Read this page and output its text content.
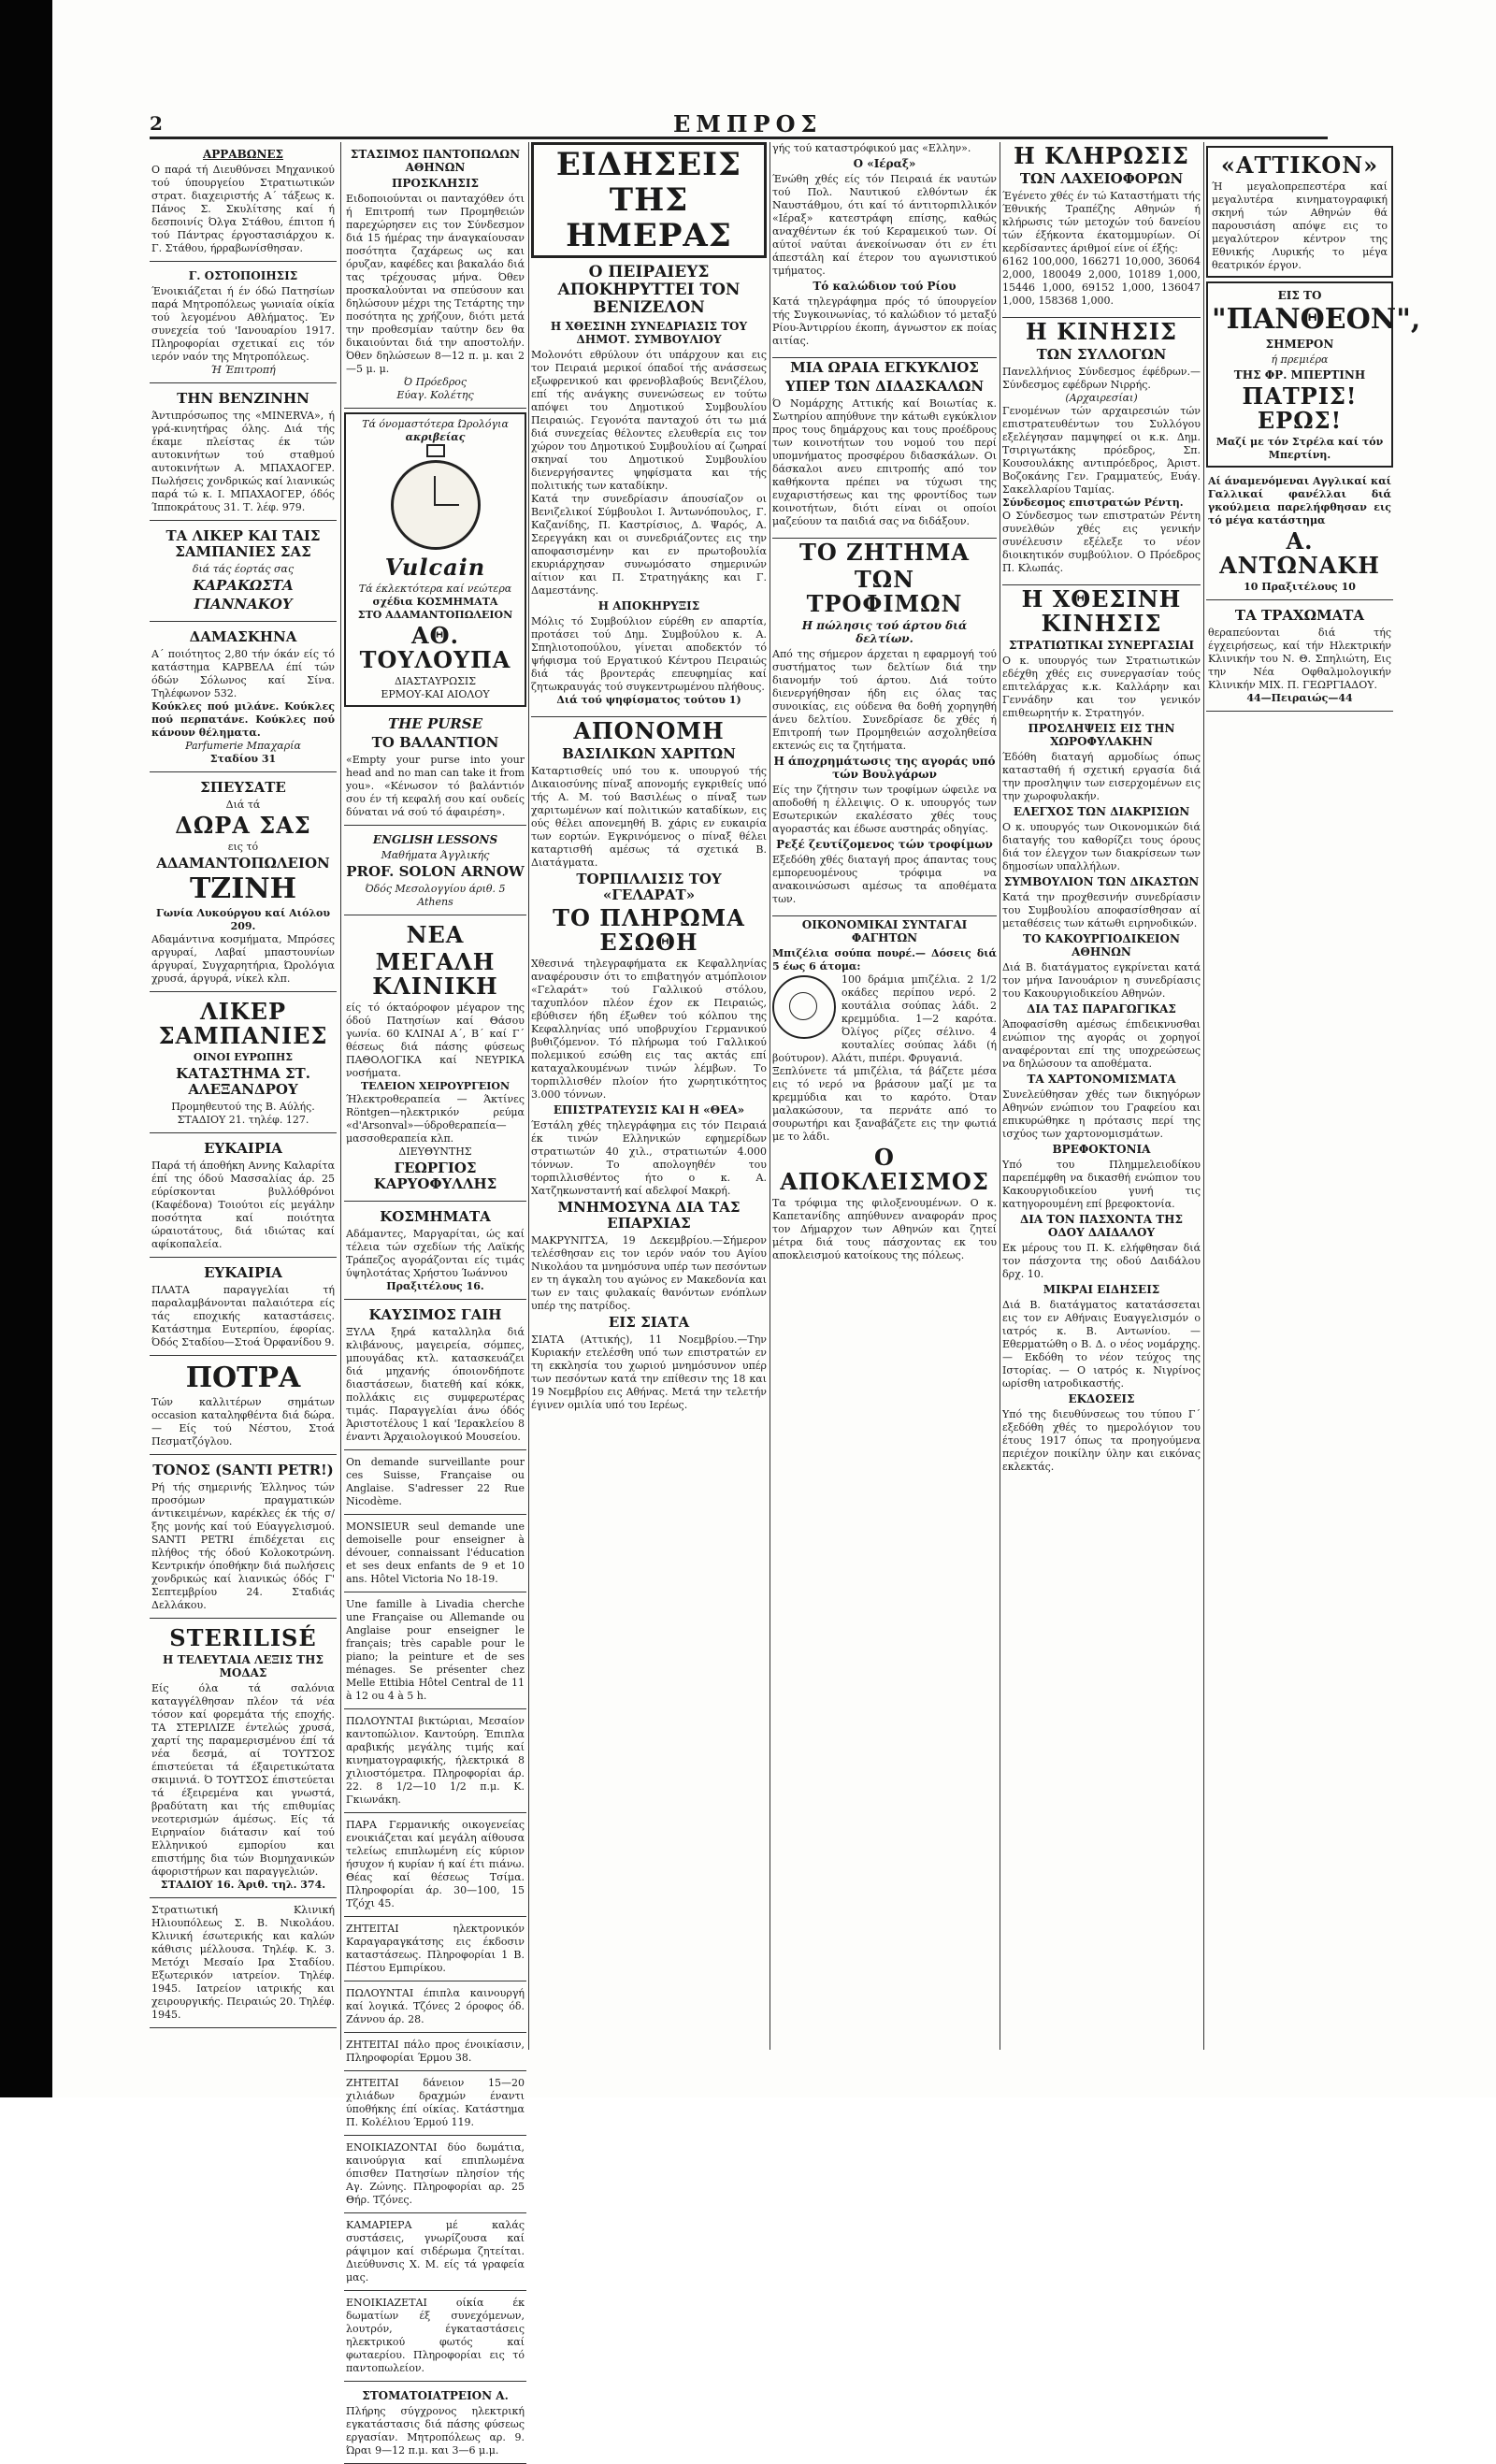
2	ΕΜΠΡΟΣ
ΑΡΡΑΒΩΝΕΣ

Ο παρά τή Διευθύνσει Μηχανικού τού ύπουργείου Στρατιωτικών στρατ. διαχειριστής Α΄ τάξεως κ. Πάνος Σ. Σκυλίτσης καί ή δεσποινίς Όλγα Στάθου, έπιτοπ ή τού Πάντρας έργοστασιάρχου κ. Γ. Στάθου, ήρραβωνίσθησαν.

Γ. ΟΣΤΟΠΟΙΗΣΙΣ

Ένοικιάζεται ή έν όδώ Πατησίων παρά Μητροπόλεως γωνιαία οίκία τού λεγομένου Αθλήματος. Έν συνεχεία τού 'Ιανουαρίου 1917. Πληροφορίαι σχετικαί εις τόν ιερόν ναόν της Μητροπόλεως.

Ή Έπιτροπή

ΤΗΝ ΒΕΝΖΙΝΗΝ

Άντιπρόσωπος της «MINERVA», ή γρά-κινητήρας όλης. Διά τής έκαμε πλείστας έκ τών αυτοκινήτων τού σταθμού αυτοκινήτων Α. ΜΠΑΧΑΟΓΕΡ. Πωλήσεις χονδρικώς καί λιανικώς παρά τώ κ. Ι. ΜΠΑΧΑΟΓΕΡ, όδός Ίπποκράτους 31. Τ. λέφ. 979.

ΤΑ ΛΙΚΕΡ ΚΑΙ ΤΑΙΣ ΣΑΜΠΑΝΙΕΣ ΣΑΣ

διά τάς έορτάς σας

ΚΑΡΑΚΩΣΤΑ
ΓΙΑΝΝΑΚΟΥ
ΔΑΜΑΣΚΗΝΑ

Α΄ ποιότητος 2,80 τήν όκάν είς τό κατάστημα ΚΑΡΒΕΛΑ έπί τών όδών Σόλωνος καί Σίνα. Τηλέφωνον 532.

Κούκλες πού μιλάνε. Κούκλες πού περπατάνε. Κούκλες πού κάνουν θέληματα.

Parfumerie Μπαχαρία

Σταδίου 31

ΣΠΕΥΣΑΤΕ

Διά τά

ΔΩΡΑ ΣΑΣ

εις τό

ΑΔΑΜΑΝΤΟΠΩΛΕΙΟΝ
ΤΖΙΝΗ

Γωνία Λυκούργου καί Αιόλου 209.

Αδαμάντινα κοσμήματα, Μπρόσες αργυραί, Λαβαί μπαστουνίων άργυραί, Συγχαρητήρια, Ώρολόγια χρυσά, άργυρά, νίκελ κλπ.

ΛΙΚΕΡ ΣΑΜΠΑΝΙΕΣ

ΟΙΝΟΙ ΕΥΡΩΠΗΣ

ΚΑΤΑΣΤΗΜΑ ΣΤ. ΑΛΕΞΑΝΔΡΟΥ

Προμηθευτού της Β. Αύλής. ΣΤΑΔΙΟΥ 21. τηλέφ. 127.

ΕΥΚΑΙΡΙΑ

Παρά τή άποθήκη Αννης Καλαρίτα έπί της όδού Μασσαλίας άρ. 25 εύρίσκονται βυλλόθρόνοι (Καφέδονα) Τοιούτοι είς μεγάλην ποσότητα καί ποιότητα ώραιοτάτους, διά ιδιώτας καί αφίκοπαλεία.

ΕΥΚΑΙΡΙΑ

ΠΛΑΤΑ παραγγελίαι τή παραλαμβάνονται παλαιότερα είς τάς εποχικής καταστάσεις. Κατάστημα Ευτερπίου, έφορίας. Όδός Σταδίου—Στοά Όρφανίδου 9.

ΠΟΤΡΑ

Τών καλλιτέρων σημάτων occasion καταληφθέντα διά δώρα.— Είς τού Νέστου, Στοά Πεσματζόγλου.

ΤΟΝΟΣ (SANTI PETR!)

Ρή τής σημερινής Έλληνος τών προσόμων πραγματικών άντικειμένων, καρέκλες έκ τής σ/ξης μονής καί τού Εύαγγελισμού. SANTI PETRI έπιδέχεται εις πλήθος τής όδού Κολοκοτρώνη. Κεντρικήν όποθήκην διά πωλήσεις χονδρικώς καί λιανικώς όδός Γ' Σεπτεμβρίου 24. Σταδιάς Δελλάκου.

STERILISÉ
Η ΤΕΛΕΥΤΑΙΑ ΛΕΞΙΣ ΤΗΣ ΜΟΔΑΣ

Είς όλα τά σαλόνια καταγγέλθησαν πλέον τά νέα τόσον καί φορεμάτα τής εποχής. ΤΑ ΣΤΕΡΙΛΙΖΕ έντελώς χρυσά, χαρτί της παραμερισμένου έπί τά νέα δεσμά, αί ΤΟΥΤΣΟΣ έπιστεύεται τά έξαιρετικώτατα σκιμινιά. Ό ΤΟΥΤΣΟΣ έπιστεύεται τά έξειρεμένα και γνωστά, βραδύτατη και τής επιθυμίας νεοτερισμών άμέσως. Είς τά Ειρηναίον διάτασιν καί τού Ελληνικού εμπορίου και επιστήμης δια τών Βιομηχανικών άφοριστήρων και παραγγελιών.

ΣΤΑΔΙΟΥ 16. Άριθ. τηλ. 374.

Στρατιωτική Κλινική Ηλιουπόλεως Σ. Β. Νικολάου. Κλινική έσωτερικής και καλών κάθισις μέλλουσα. Τηλέφ. Κ. 3. Μετόχι Μεσαίο Ιρα Σταδίου. Εξωτερικόν ιατρείον. Τηλέφ. 1945. Ιατρείον ιατρικής και χειρουργικής. Πειραιώς 20. Τηλέφ. 1945.

ΣΤΑΣΙΜΟΣ ΠΑΝΤΟΠΩΛΩΝ ΑΘΗΝΩΝ
ΠΡΟΣΚΛΗΣΙΣ

Ειδοποιούνται οι πανταχόθεν ότι ή Επιτροπή των Προμηθειών παρεχώρησεν εις τον Σύνδεσμον διά 15 ήμέρας την άναγκαίουσαν ποσότητα ζαχάρεως ως και όρυζαν, καφέδες και βακαλάο διά τας τρέχουσας μήνα. Όθεν προσκαλούνται να σπεύσουν και δηλώσουν μέχρι της Τετάρτης την ποσότητα ης χρήζουν, διότι μετά την προθεσμίαν ταύτην δεν θα δικαιούνται διά την αποστολήν. Όθεν δηλώσεων 8—12 π. μ. και 2—5 μ. μ.

Ό Πρόεδρος

Εύαγ. Κολέτης

Τά όνομαστότερα Ώρολόγια

ακριβείας

Vulcain

Τά έκλεκτότερα καί νεώτερα

σχέδια ΚΟΣΜΗΜΑΤΑ

ΣΤΟ ΑΔΑΜΑΝΤΟΠΩΛΕΙΟΝ

ΑΘ. ΤΟΥΛΟΥΠΑ

ΔΙΑΣΤΑΥΡΩΣΙΣ

ΕΡΜΟΥ-ΚΑΙ ΑΙΟΛΟΥ

THE PURSE
ΤΟ ΒΑΛΑΝΤΙΟΝ

«Empty your purse into your head and no man can take it from you». «Κένωσον τό βαλάντιόν σου έν τή κεφαλή σου καί ουδείς δύναται νά σού τό άφαιρέση».

ENGLISH LESSONS

Μαθήματα Άγγλικής

PROF. SOLON ARNOW

Όδός Μεσολογγίου άριθ. 5 Athens

ΝΕΑ
ΜΕΓΑΛΗ ΚΛΙΝΙΚΗ

είς τό όκταόροφον μέγαρον της όδού Πατησίων καί Θάσου γωνία. 60 ΚΛΙΝΑΙ Α΄, Β΄ καί Γ΄ θέσεως διά πάσης φύσεως ΠΑΘΟΛΟΓΙΚΑ καί ΝΕΥΡΙΚΑ νοσήματα.

ΤΕΛΕΙΟΝ ΧΕΙΡΟΥΡΓΕΙΟΝ

Ήλεκτροθεραπεία — Άκτίνες Röntgen—ηλεκτρικόν ρεύμα «d'Arsonval»—ύδροθεραπεία—μασσοθεραπεία κλπ.

ΔΙΕΥΘΥΝΤΗΣ

ΓΕΩΡΓΙΟΣ ΚΑΡΥΟΦΥΛΛΗΣ
ΚΟΣΜΗΜΑΤΑ

Αδάμαντες, Μαργαρίται, ώς καί τέλεια τών σχεδίων τής Λαϊκής Τράπεζος αγοράζονται είς τιμάς ύψηλοτάτας Χρήστου Ίωάννου

Πραξιτέλους 16.

ΚΑΥΣΙΜΟΣ ΓΑΙΗ

ΞΥΛΑ ξηρά καταλληλα διά κλιβάνους, μαγειρεία, σόμπες, μπουγάδας κτλ. κατασκευάζει διά μηχανής όποιονδήποτε διαστάσεων, διατεθή καί κόκκ, πολλάκις εις συμφερωτέρας τιμάς. Παραγγελίαι άνω όδός Άριστοτέλους 1 καί 'Ιερακλείου 8 έναντι Άρχαιολογικού Μουσείου.

On demande surveillante pour ces Suisse, Française ou Anglaise. S'adresser 22 Rue Nicodème.

MONSIEUR seul demande une demoiselle pour enseigner à dévouer, connaissant l'éducation et ses deux enfants de 9 et 10 ans. Hôtel Victoria No 18-19.

Une famille à Livadia cherche une Française ou Allemande ou Anglaise pour enseigner le français; très capable pour le piano; la peinture et de ses ménages. Se présenter chez Melle Ettibia Hôtel Central de 11 à 12 ou 4 à 5 h.

ΠΩΛΟΥΝΤΑΙ βικτώριαι, Μεσαίον καντοπώλιον. Καντούρη. Έπιπλα αραβικής μεγάλης τιμής καί κινηματογραφικής, ήλεκτρικά 8 χιλιοστόμετρα. Πληροφορίαι άρ. 22. 8 1/2—10 1/2 π.μ. Κ. Γκιωνάκη.

ΠΑΡΑ Γερμανικής οικογενείας ενοικιάζεται καί μεγάλη αίθουσα τελείως επιπλωμένη είς κύριον ήσυχον ή κυρίαν ή καί έτι πιάνω. Θέας καί θέσεως Τσίμα. Πληροφορίαι άρ. 30—100, 15 Τζόχι 45.

ΖΗΤΕΙΤΑΙ ηλεκτρονικόν Καραγαραγκάτσης εις έκδοσιν καταστάσεως. Πληροφορίαι 1 Β. Πέστου Εμπιρίκου.

ΠΩΛΟΥΝΤΑΙ έπιπλα καινουργή καί λογικά. Τζόνες 2 όροφος όδ. Ζάννου άρ. 28.

ΖΗΤΕΙΤΑΙ πάλο προς ένοικίασιν, Πληροφορίαι Έρμου 38.

ΖΗΤΕΙΤΑΙ δάνειον 15—20 χιλιάδων δραχμών έναντι ύποθήκης έπί οίκίας. Κατάστημα Π. Κολέλιου Έρμού 119.

ΕΝΟΙΚΙΑΖΟΝΤΑΙ δύο δωμάτια, καινούργια καί επιπλωμένα όπισθεν Πατησίων πλησίον τής Αγ. Ζώνης. Πληροφορίαι αρ. 25 Θήρ. Τζόνες.

ΚΑΜΑΡΙΕΡΑ μέ καλάς συστάσεις, γνωρίζουσα καί ράψιμον καί σιδέρωμα ζητείται. Διεύθυνσις Χ. Μ. είς τά γραφεία μας.

ΕΝΟΙΚΙΑΖΕΤΑΙ οίκία έκ δωματίων έξ συνεχόμενων, λουτρόν, έγκαταστάσεις ηλεκτρικού φωτός καί φωταερίου. Πληροφορίαι εις τό παντοπωλείον.

ΣΤΟΜΑΤΟΙΑΤΡΕΙΟΝ Α.

Πλήρης σύγχρονος ηλεκτρική εγκατάστασις διά πάσης φύσεως εργασίαν. Μητροπόλεως αρ. 9. Ώραι 9—12 π.μ. και 3—6 μ.μ.

ΕΙΔΗΣΕΙΣ ΤΗΣ ΗΜΕΡΑΣ
Ο ΠΕΙΡΑΙΕΥΣ ΑΠΟΚΗΡΥΤΤΕΙ ΤΟΝ ΒΕΝΙΖΕΛΟΝ
Η ΧΘΕΣΙΝΗ ΣΥΝΕΔΡΙΑΣΙΣ ΤΟΥ ΔΗΜΟΤ. ΣΥΜΒΟΥΛΙΟΥ

Μολονότι εθρύλουν ότι υπάρχουν και εις τον Πειραιά μερικοί όπαδοί τής ανάσσεως εξωφρενικού και φρενοβλαβούς Βενιζέλου, επί τής ανάγκης συνενώσεως εν τούτω απόψει του Δημοτικού Συμβουλίου Πειραιώς. Γεγονότα πανταχού ότι τω μιά διά συνεχείας θέλοντες ελευθερία εις τον χώρον του Δημοτικού Συμβουλίου αί ζωηραί σκηναί του Δημοτικού Συμβουλίου διενεργήσαντες ψηφίσματα και τής πολιτικής των καταδίκην.

Κατά την συνεδρίασιν άπουσίαζον οι Βενιζελικοί Σύμβουλοι Ι. Άντωνόπουλος, Γ. Καζανίδης, Π. Καστρίσιος, Δ. Ψαρός, Α. Σερεγγάκη και οι συνεδριάζοντες εις την αποφασισμένην και εν πρωτοβουλία εκυριάρχησαν συνωμόσατο σημερινών αίτιον και Π. Στρατηγάκης και Γ. Δαμεστάνης.

Η ΑΠΟΚΗΡΥΞΙΣ

Μόλις τό Συμβούλιον εύρέθη εν απαρτία, προτάσει τού Δημ. Συμβούλου κ. Α. Σπηλιοτοπούλου, γίνεται αποδεκτόν τό ψήφισμα τού Εργατικού Κέντρου Πειραιώς διά τάς βροντεράς επευφημίας καί ζητωκραυγάς τού συγκεντρωμένου πλήθους.

Διά τού ψηφίσματος τούτου 1)

ΑΠΟΝΟΜΗ
ΒΑΣΙΛΙΚΩΝ ΧΑΡΙΤΩΝ

Καταρτισθείς υπό του κ. υπουργού τής Δικαιοσύνης πίναξ απονομής εγκριθείς υπό τής Α. Μ. τού Βασιλέως ο πίναξ των χαριτωμένων καί πολιτικών καταδίκων, εις ούς θέλει απονεμηθή Β. χάρις εν ευκαιρία των εορτών. Εγκρινόμενος ο πίναξ θέλει καταρτισθή αμέσως τά σχετικά Β. Διατάγματα.

ΤΟΡΠΙΛΛΙΣΙΣ ΤΟΥ «ΓΕΛΑΡΑΤ»
ΤΟ ΠΛΗΡΩΜΑ ΕΣΩΘΗ

Χθεσινά τηλεγραφήματα εκ Κεφαλληνίας αναφέρουσιν ότι το επιβατηγόν ατμόπλοιον «Γελαράτ» τού Γαλλικού στόλου, ταχυπλόον πλέον έχον εκ Πειραιώς, εβύθισεν ήδη έξωθεν τού κόλπου της Κεφαλληνίας υπό υποβρυχίου Γερμανικού βυθιζόμενον. Τό πλήρωμα τού Γαλλικού πολεμικού εσώθη εις τας ακτάς επί καταχαλκουμένων τινών λέμβων. Το τορπιλλισθέν πλοίον ήτο χωρητικότητος 3.000 τόννων.

ΕΠΙΣΤΡΑΤΕΥΣΙΣ ΚΑΙ Η «ΘΕΑ»

Έστάλη χθές τηλεγράφημα εις τόν Πειραιά έκ τινών Ελληνικών εφημερίδων στρατιωτών 40 χιλ., στρατιωτών 4.000 τόννων. Το απολογηθέν του τορπιλλισθέντος ήτο ο κ. Α. Χατζηκωνσταντή καί αδελφοί Μακρή.

ΜΝΗΜΟΣΥΝΑ ΔΙΑ ΤΑΣ ΕΠΑΡΧΙΑΣ

ΜΑΚΡΥΝΙΤΣΑ, 19 Δεκεμβρίου.—Σήμερον τελέσθησαν εις τον ιερόν ναόν του Αγίου Νικολάου τα μνημόσυνα υπέρ των πεσόντων εν τη άγκαλη του αγώνος εν Μακεδονία και των εν ταις φυλακαίς θανόντων ενόπλων υπέρ της πατρίδος.

ΕΙΣ ΣΙΑΤΑ

ΣΙΑΤΑ (Αττικής), 11 Νοεμβρίου.—Την Κυριακήν ετελέσθη υπό των επιστρατών εν τη εκκλησία του χωριού μνημόσυνον υπέρ των πεσόντων κατά την επίθεσιν της 18 και 19 Νοεμβρίου εις Αθήνας. Μετά την τελετήν έγινεν ομιλία υπό του Ιερέως.

γής τού καταστρόφικού μας «Ελλην».

Ο «Ιέραξ»

Ένώθη χθές είς τόν Πειραιά έκ ναυτών τού Πολ. Ναυτικού ελθόντων έκ Ναυστάθμου, ότι καί τό άντιτορπιλλικόν «Ιέραξ» κατεστράφη επίσης, καθώς αναχθέντων έκ τού Κεραμεικού των. Οί αύτοί ναύται άνεκοίνωσαν ότι εν έτι άπεστάλη καί έτερον του αγωνιστικού τμήματος.

Τό καλώδιον τού Ρίου

Κατά τηλεγράφημα πρός τό ύπουργείον τής Συγκοινωνίας, τό καλώδιον τό μεταξύ Ρίου-Άντιρρίου έκοπη, άγνωστον εκ ποίας αιτίας.

ΜΙΑ ΩΡΑΙΑ ΕΓΚΥΚΛΙΟΣ
ΥΠΕΡ ΤΩΝ ΔΙΔΑΣΚΑΛΩΝ

Ό Νομάρχης Αττικής καί Βοιωτίας κ. Σωτηρίου απηύθυνε την κάτωθι εγκύκλιον προς τους δημάρχους και τους προέδρους των κοινοτήτων του νομού του περί υπομνήματος προσφέρου διδασκάλων. Οι δάσκαλοι ανευ επιτροπής από τον καθήκοντα πρέπει να τύχωσι της ευχαριστήσεως και της φροντίδος των κοινοτήτων, διότι είναι οι οποίοι μαζεύουν τα παιδιά σας να διδάξουν.

ΤΟ ΖΗΤΗΜΑ
ΤΩΝ ΤΡΟΦΙΜΩΝ
Η πώλησις τού άρτου διά δελτίων.

Από της σήμερον άρχεται η εφαρμογή τού συστήματος των δελτίων διά την διανομήν τού άρτου. Διά τούτο διενεργήθησαν ήδη εις όλας τας συνοικίας, εις ούδενα θα δοθή χορηγηθή άνευ δελτίου. Συνεδρίασε δε χθές ή Επιτροπή των Προμηθειών ασχοληθείσα εκτενώς εις τα ζητήματα.

Η άποχρημάτωσις της αγοράς υπό τών Βουλγάρων

Είς την ζήτησιν των τροφίμων ώφειλε να αποδοθή η έλλειψις. Ο κ. υπουργός των Εσωτερικών εκαλέσατο χθές τους αγοραστάς και έδωσε αυστηράς οδηγίας.

Ρεξέ ζευτίζομενος τών τροφίμων

Εξεδόθη χθές διαταγή προς άπαντας τους εμπορευομένους τρόφιμα να ανακοινώσωσι αμέσως τα αποθέματα των.

ΟΙΚΟΝΟΜΙΚΑΙ ΣΥΝΤΑΓΑΙ ΦΑΓΗΤΩΝ

Μπιζέλια σούπα πουρέ.— Δόσεις διά 5 έως 6 άτομα:

100 δράμια μπιζέλια. 2 1/2 οκάδες περίπου νερό. 2 κουτάλια σούπας λάδι. 2 κρεμμύδια. 1—2 καρότα. Όλίγος ρίζες σέλινο. 4 κουταλίες σούπας λάδι (ή βούτυρον). Αλάτι, πιπέρι. Φρυγανιά.

Ξεπλύνετε τά μπιζέλια, τά βάζετε μέσα εις τό νερό να βράσουν μαζί με τα κρεμμύδια και το καρότο. Όταν μαλακώσουν, τα περνάτε από το σουρωτήρι και ξαναβάζετε εις την φωτιά με το λάδι.

Ο ΑΠΟΚΛΕΙΣΜΟΣ

Τα τρόφιμα της φιλοξενουμένων. Ο κ. Καπετανίδης απηύθυνεν αναφοράν προς τον Δήμαρχον των Αθηνών και ζητεί μέτρα διά τους πάσχοντας εκ του αποκλεισμού κατοίκους της πόλεως.

Η ΚΛΗΡΩΣΙΣ
ΤΩΝ ΛΑΧΕΙΟΦΟΡΩΝ

Έγένετο χθές έν τώ Καταστήματι τής Έθνικής Τραπέζης Αθηνών ή κλήρωσις τών μετοχών τού δανείου τών έξήκοντα έκατομμυρίων. Οί κερδίσαντες άριθμοί είνε οί έξής:

6162 100,000, 166271 10,000, 36064 2,000, 180049 2,000, 10189 1,000, 15446 1,000, 69152 1,000, 136047 1,000, 158368 1,000.

Η ΚΙΝΗΣΙΣ
ΤΩΝ ΣΥΛΛΟΓΩΝ

Πανελλήνιος Σύνδεσμος έφέδρων.— Σύνδεσμος εφέδρων Νιρρής.

(Αρχαιρεσίαι)

Γενομένων τών αρχαιρεσιών τών επιστρατευθέντων του Συλλόγου εξελέγησαν παμψηφεί οι κ.κ. Δημ. Τσιριγωτάκης πρόεδρος, Σπ. Κουσουλάκης αντιπρόεδρος, Άριστ. Βοζοκάνης Γεν. Γραμματεύς, Ευάγ. Σακελλαρίου Ταμίας.

Σύνδεσμος επιστρατών Ρέντη.

Ο Σύνδεσμος των επιστρατών Ρέντη συνελθών χθές εις γενικήν συνέλευσιν εξέλεξε το νέον διοικητικόν συμβούλιον. Ο Πρόεδρος Π. Κλωπάς.

Η ΧΘΕΣΙΝΗ ΚΙΝΗΣΙΣ
ΣΤΡΑΤΙΩΤΙΚΑΙ ΣΥΝΕΡΓΑΣΙΑΙ

Ο κ. υπουργός των Στρατιωτικών εδέχθη χθές εις συνεργασίαν τούς επιτελάρχας κ.κ. Καλλάρην και Γεννάδην και τον γενικόν επιθεωρητήν κ. Στρατηγόν.

ΠΡΟΣΛΗΨΕΙΣ ΕΙΣ ΤΗΝ ΧΩΡΟΦΥΛΑΚΗΝ

Έδόθη διαταγή αρμοδίως όπως κατασταθή ή σχετική εργασία διά την προσληψιν των εισερχομένων εις την χωροφυλακήν.

ΕΛΕΓΧΟΣ ΤΩΝ ΔΙΑΚΡΙΣΙΩΝ

Ο κ. υπουργός των Οικονομικών διά διαταγής του καθορίζει τους όρους διά τον έλεγχον των διακρίσεων των δημοσίων υπαλλήλων.

ΣΥΜΒΟΥΛΙΟΝ ΤΩΝ ΔΙΚΑΣΤΩΝ

Κατά την προχθεσινήν συνεδρίασιν του Συμβουλίου αποφασίσθησαν αί μεταθέσεις των κάτωθι ειρηνοδικών.

ΤΟ ΚΑΚΟΥΡΓΙΟΔΙΚΕΙΟΝ ΑΘΗΝΩΝ

Διά Β. διατάγματος εγκρίνεται κατά τον μήνα Ιανουάριον η συνεδρίασις του Κακουργιοδικείου Αθηνών.

ΔΙΑ ΤΑΣ ΠΑΡΑΓΩΓΙΚΑΣ

Άποφασίσθη αμέσως έπιδεικνυσθαι ενώπιον της αγοράς οι χορηγοί αναφέρονται επί της υποχρεώσεως να δηλώσουν τα αποθέματα.

ΤΑ ΧΑΡΤΟΝΟΜΙΣΜΑΤΑ

Συνελεύθησαν χθές των δικηγόρων Αθηνών ενώπιον του Γραφείου και επικυρώθηκε η πρότασις περί της ισχύος των χαρτονομισμάτων.

ΒΡΕΦΟΚΤΟΝΙΑ

Υπό του Πλημμελειοδίκου παρεπέμφθη να δικασθή ενώπιον του Κακουργιοδικείου γυνή τις κατηγορουμένη επί βρεφοκτονία.

ΔΙΑ ΤΟΝ ΠΑΣΧΟΝΤΑ ΤΗΣ ΟΔΟΥ ΔΑΙΔΑΛΟΥ

Εκ μέρους του Π. Κ. ελήφθησαν διά τον πάσχοντα της οδού Δαιδάλου δρχ. 10.

ΜΙΚΡΑΙ ΕΙΔΗΣΕΙΣ

Διά Β. διατάγματος κατατάσσεται εις τον εν Αθήναις Ευαγγελισμόν ο ιατρός κ. Β. Αντωνίου. — Εθερματώθη ο Β. Δ. ο νέος νομάρχης. — Εκδόθη το νέον τεύχος της Ιστορίας. — Ο ιατρός κ. Νιγρίνος ωρίσθη ιατροδικαστής.

ΕΚΔΟΣΕΙΣ

Υπό της διευθύνσεως του τύπου Γ΄ εξεδόθη χθές το ημερολόγιον του έτους 1917 όπως τα προηγούμενα περιέχον ποικίλην ύλην και εικόνας εκλεκτάς.

«ΑΤΤΙΚΟΝ»

Ή μεγαλοπρεπεστέρα καί μεγαλυτέρα κινηματογραφική σκηνή τών Αθηνών θά παρουσιάση απόψε εις το μεγαλύτερον κέντρον της Εθνικής Λυρικής το μέγα θεατρικόν έργον.

ΕΙΣ ΤΟ
"ΠΑΝΘΕΟΝ",
ΣΗΜΕΡΟΝ

ή πρεμιέρα

ΤΗΣ ΦΡ. ΜΠΕΡΤΙΝΗ
ΠΑΤΡΙΣ! ΕΡΩΣ!

Μαζί με τόν Στρέλα καί τόν Μπερτίνη.

Αί άναμενόμεναι Αγγλικαί καί Γαλλικαί φανέλλαι διά γκούλμεια παρελήφθησαν εις τό μέγα κατάστημα

Α. ΑΝΤΩΝΑΚΗ

10 Πραξιτέλους 10

ΤΑ ΤΡΑΧΩΜΑΤΑ

θεραπεύονται διά τής έγχειρήσεως, καί τήν Ηλεκτρικήν Κλινικήν του Ν. Θ. Σπηλιώτη, Εις την Νέα Οφθαλμολογικήν Κλινικήν ΜΙΧ. Π. ΓΕΩΡΓΙΑΔΟΥ.

44—Πειραιώς—44
